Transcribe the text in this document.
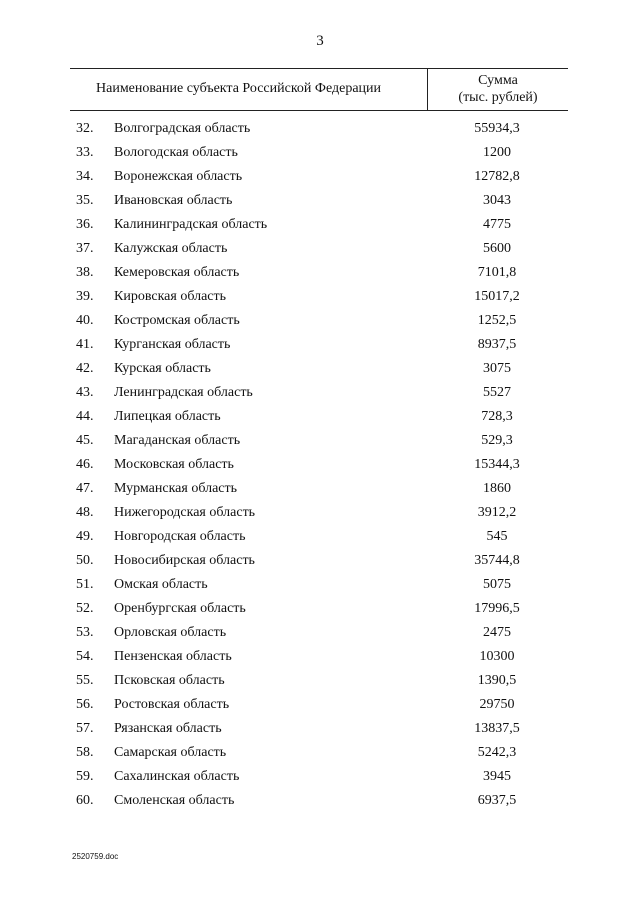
3
Наименование субъекта Российской Федерации
Сумма
(тыс. рублей)
32. Волгоградская область	55934,3
33. Вологодская область	1200
34. Воронежская область	12782,8
35. Ивановская область	3043
36. Калининградская область	4775
37. Калужская область	5600
38. Кемеровская область	7101,8
39. Кировская область	15017,2
40. Костромская область	1252,5
41. Курганская область	8937,5
42. Курская область	3075
43. Ленинградская область	5527
44. Липецкая область	728,3
45. Магаданская область	529,3
46. Московская область	15344,3
47. Мурманская область	1860
48. Нижегородская область	3912,2
49. Новгородская область	545
50. Новосибирская область	35744,8
51. Омская область	5075
52. Оренбургская область	17996,5
53. Орловская область	2475
54. Пензенская область	10300
55. Псковская область	1390,5
56. Ростовская область	29750
57. Рязанская область	13837,5
58. Самарская область	5242,3
59. Сахалинская область	3945
60. Смоленская область	6937,5
2520759.doc
